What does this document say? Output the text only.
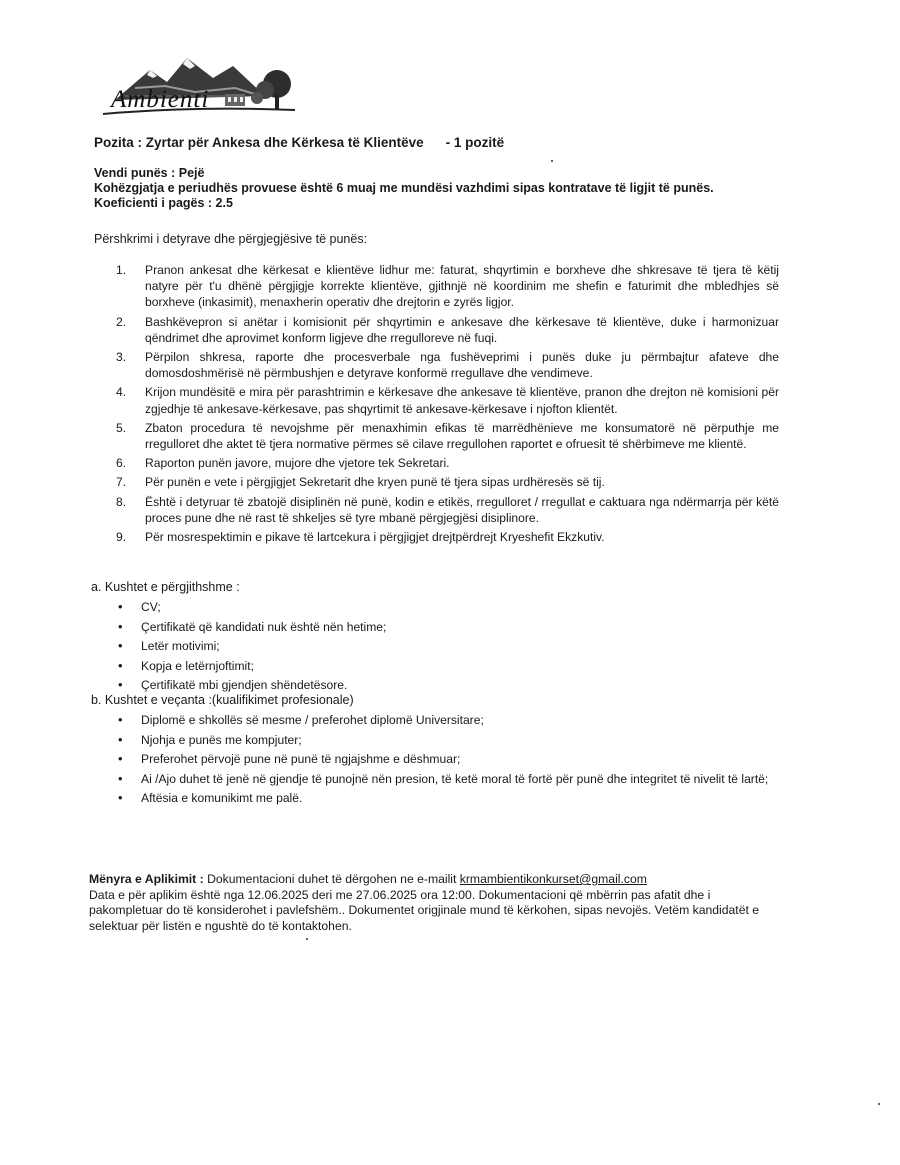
Ambienti
Pozita : Zyrtar për Ankesa dhe Kërkesa të Klientëve - 1 pozitë
Vendi punës : Pejë
Kohëzgjatja e periudhës provuese është 6 muaj me mundësi vazhdimi sipas kontratave të ligjit të punës.
Koeficienti i pagës : 2.5
Përshkrimi i detyrave dhe përgjegjësive të punës:
1.	Pranon ankesat dhe kërkesat e klientëve lidhur me: faturat, shqyrtimin e borxheve dhe shkresave të tjera të këtij natyre për t'u dhënë përgjigje korrekte klientëve, gjithnjë në koordinim me shefin e faturimit dhe mbledhjes së borxheve (inkasimit), menaxherin operativ dhe drejtorin e zyrës ligjor.
2.	Bashkëvepron si anëtar i komisionit për shqyrtimin e ankesave dhe kërkesave të klientëve, duke i harmonizuar qëndrimet dhe aprovimet konform ligjeve dhe rregulloreve në fuqi.
3.	Përpilon shkresa, raporte dhe procesverbale nga fushëveprimi i punës duke ju përmbajtur afateve dhe domosdoshmërisë në përmbushjen e detyrave konformë rregullave dhe vendimeve.
4.	Krijon mundësitë e mira për parashtrimin e kërkesave dhe ankesave të klientëve, pranon dhe drejton në komisioni për zgjedhje të ankesave-kërkesave, pas shqyrtimit të ankesave-kërkesave i njofton klientët.
5.	Zbaton procedura të nevojshme për menaxhimin efikas të marrëdhënieve me konsumatorë në përputhje me rregulloret dhe aktet të tjera normative përmes së cilave rregullohen raportet e ofruesit të shërbimeve me klientë.
6.	Raporton punën javore, mujore dhe vjetore tek Sekretari.
7.	Për punën e vete i përgjigjet Sekretarit dhe kryen punë të tjera sipas urdhëresës së tij.
8.	Është i detyruar të zbatojë disiplinën në punë, kodin e etikës, rregulloret / rregullat e caktuara nga ndërmarrja për këtë proces pune dhe në rast të shkeljes së tyre mbanë përgjegjësi disiplinore.
9.	Për mosrespektimin e pikave të lartcekura i përgjigjet drejtpërdrejt Kryeshefit Ekzkutiv.
a. Kushtet e përgjithshme :
• CV;
• Çertifikatë që kandidati nuk është nën hetime;
• Letër motivimi;
• Kopja e letërnjoftimit;
• Çertifikatë mbi gjendjen shëndetësore.
b. Kushtet e veçanta :(kualifikimet profesionale)
• Diplomë e shkollës së mesme / preferohet diplomë Universitare;
• Njohja e punës me kompjuter;
• Preferohet përvojë pune në punë të ngjajshme e dëshmuar;
• Ai /Ajo duhet të jenë në gjendje të punojnë nën presion, të ketë moral të fortë për punë dhe integritet të nivelit të lartë;
• Aftësia e komunikimt me palë.
Mënyra e Aplikimit : Dokumentacioni duhet të dërgohen ne e-mailit krmambientikonkurset@gmail.com
Data e për aplikim është nga 12.06.2025 deri me 27.06.2025 ora 12:00. Dokumentacioni që mbërrin pas afatit dhe i pakompletuar do të konsiderohet i pavlefshëm.. Dokumentet origjinale mund të kërkohen, sipas nevojës. Vetëm kandidatët e selektuar për listën e ngushtë do të kontaktohen.
